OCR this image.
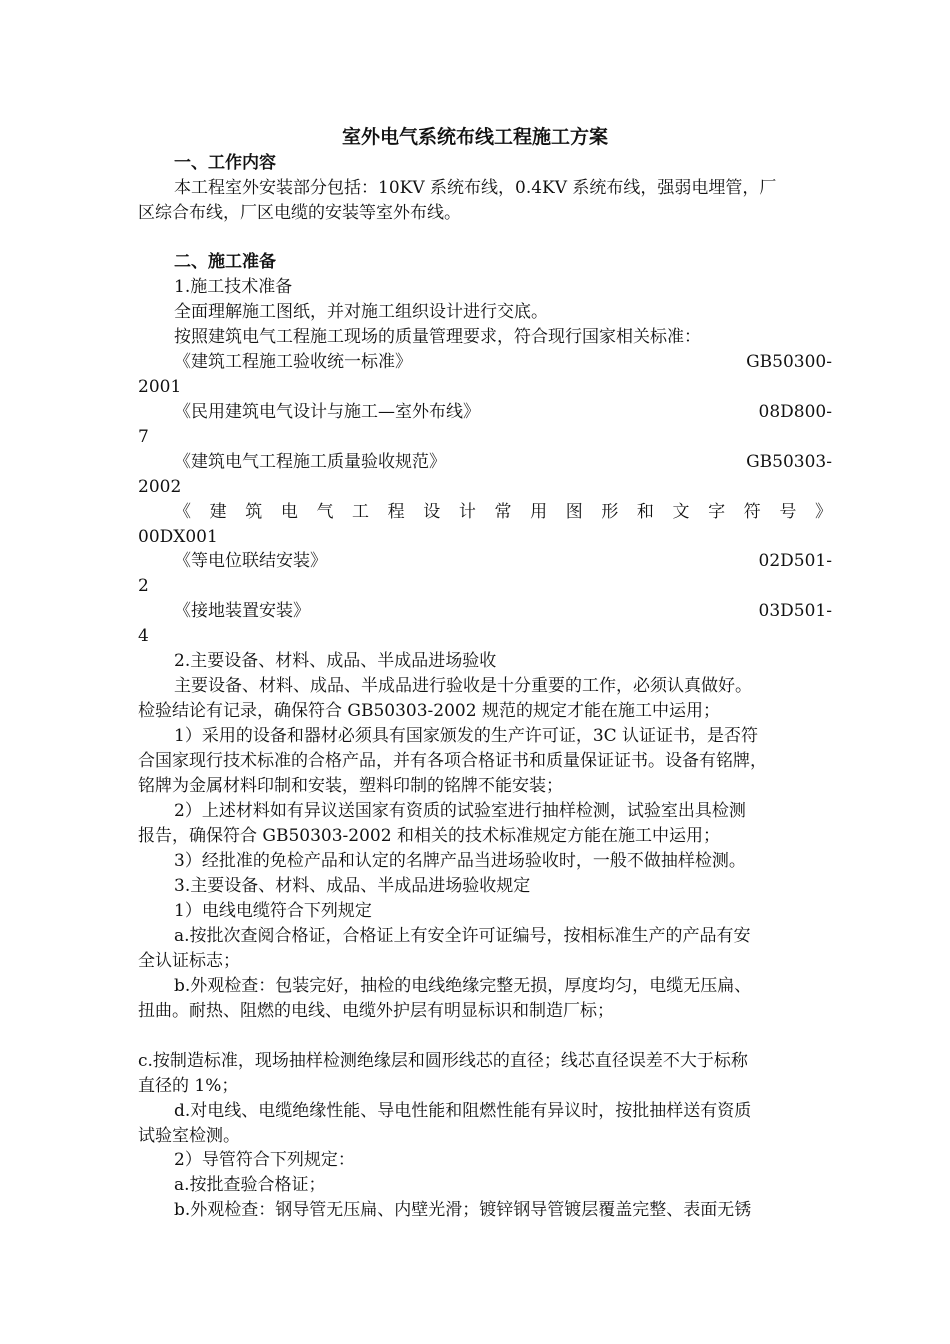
室外电气系统布线工程施工方案
一、工作内容
本工程室外安装部分包括：10KV 系统布线，0.4KV 系统布线，强弱电埋管，厂
区综合布线，厂区电缆的安装等室外布线。
二、施工准备
1.施工技术准备
全面理解施工图纸，并对施工组织设计进行交底。
按照建筑电气工程施工现场的质量管理要求，符合现行国家相关标准：
《建筑工程施工验收统一标准》	GB50300-
2001
《民用建筑电气设计与施工—室外布线》	08D800-
7
《建筑电气工程施工质量验收规范》	GB50303-
2002
《 建 筑 电 气 工 程 设 计 常 用 图 形 和 文 字 符 号 》
00DX001
《等电位联结安装》	02D501-
2
《接地装置安装》	03D501-
4
2.主要设备、材料、成品、半成品进场验收
主要设备、材料、成品、半成品进行验收是十分重要的工作，必须认真做好。
检验结论有记录，确保符合 GB50303-2002 规范的规定才能在施工中运用；
1）采用的设备和器材必须具有国家颁发的生产许可证，3C 认证证书，是否符
合国家现行技术标准的合格产品，并有各项合格证书和质量保证证书。设备有铭牌，
铭牌为金属材料印制和安装，塑料印制的铭牌不能安装；
2）上述材料如有异议送国家有资质的试验室进行抽样检测，试验室出具检测
报告，确保符合 GB50303-2002 和相关的技术标准规定方能在施工中运用；
3）经批准的免检产品和认定的名牌产品当进场验收时，一般不做抽样检测。
3.主要设备、材料、成品、半成品进场验收规定
1）电线电缆符合下列规定
a.按批次查阅合格证，合格证上有安全许可证编号，按相标准生产的产品有安
全认证标志；
b.外观检查：包装完好，抽检的电线绝缘完整无损，厚度均匀，电缆无压扁、
扭曲。耐热、阻燃的电线、电缆外护层有明显标识和制造厂标；
c.按制造标准，现场抽样检测绝缘层和圆形线芯的直径；线芯直径误差不大于标称
直径的 1%；
d.对电线、电缆绝缘性能、导电性能和阻燃性能有异议时，按批抽样送有资质
试验室检测。
2）导管符合下列规定：
a.按批查验合格证；
b.外观检查：钢导管无压扁、内壁光滑；镀锌钢导管镀层覆盖完整、表面无锈
